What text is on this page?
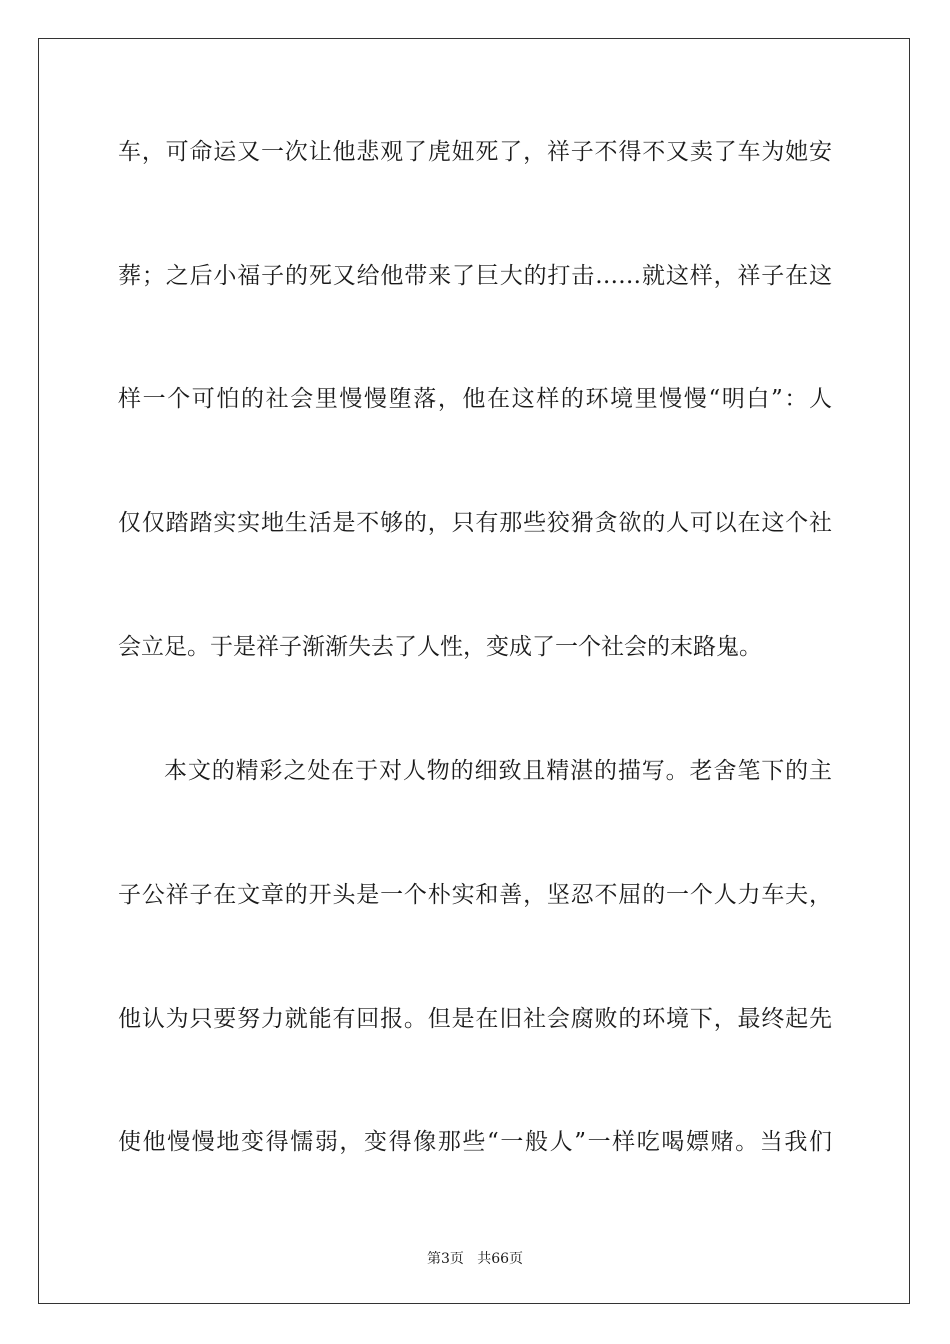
车，可命运又一次让他悲观了虎妞死了，祥子不得不又卖了车为她安
葬；之后小福子的死又给他带来了巨大的打击……就这样，祥子在这
样一个可怕的社会里慢慢堕落，他在这样的环境里慢慢“明白”：人
仅仅踏踏实实地生活是不够的，只有那些狡猾贪欲的人可以在这个社
会立足。于是祥子渐渐失去了人性，变成了一个社会的末路鬼。
本文的精彩之处在于对人物的细致且精湛的描写。老舍笔下的主
子公祥子在文章的开头是一个朴实和善，坚忍不屈的一个人力车夫，
他认为只要努力就能有回报。但是在旧社会腐败的环境下，最终起先
使他慢慢地变得懦弱，变得像那些“一般人”一样吃喝嫖赌。当我们
第3页   共66页
